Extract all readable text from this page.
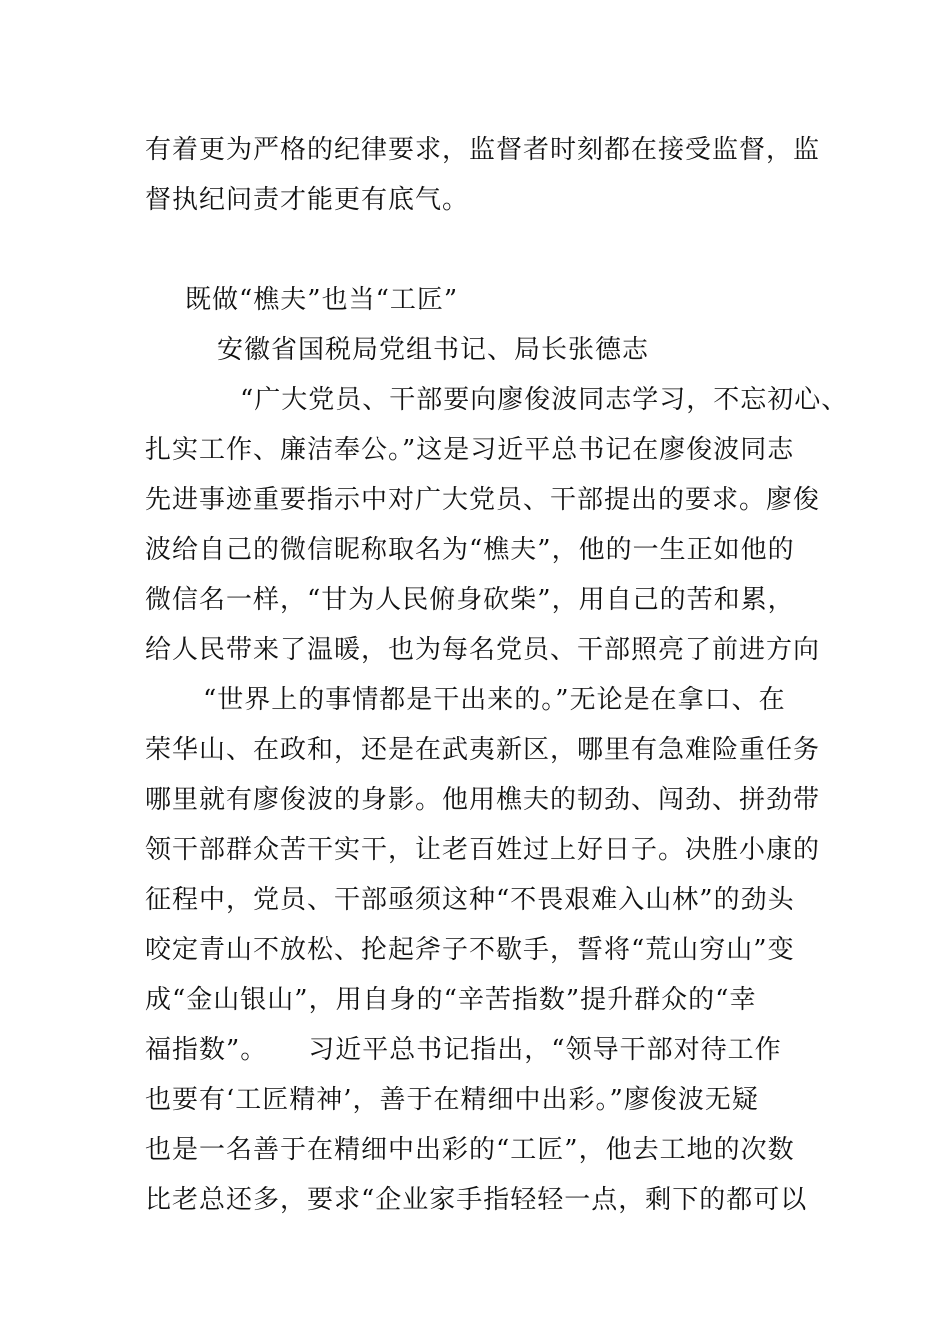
有着更为严格的纪律要求，监督者时刻都在接受监督，监
督执纪问责才能更有底气。
既做“樵夫”也当“工匠”
安徽省国税局党组书记、局长张德志
“广大党员、干部要向廖俊波同志学习，不忘初心、
扎实工作、廉洁奉公。”这是习近平总书记在廖俊波同志
先进事迹重要指示中对广大党员、干部提出的要求。廖俊
波给自己的微信昵称取名为“樵夫”，他的一生正如他的
微信名一样，“甘为人民俯身砍柴”，用自己的苦和累，
给人民带来了温暖，也为每名党员、干部照亮了前进方向
“世界上的事情都是干出来的。”无论是在拿口、在
荣华山、在政和，还是在武夷新区，哪里有急难险重任务
哪里就有廖俊波的身影。他用樵夫的韧劲、闯劲、拼劲带
领干部群众苦干实干，让老百姓过上好日子。决胜小康的
征程中，党员、干部亟须这种“不畏艰难入山林”的劲头
咬定青山不放松、抡起斧子不歇手，誓将“荒山穷山”变
成“金山银山”，用自身的“辛苦指数”提升群众的“幸
福指数”。　　习近平总书记指出，“领导干部对待工作
也要有‘工匠精神’，善于在精细中出彩。”廖俊波无疑
也是一名善于在精细中出彩的“工匠”，他去工地的次数
比老总还多，要求“企业家手指轻轻一点，剩下的都可以
